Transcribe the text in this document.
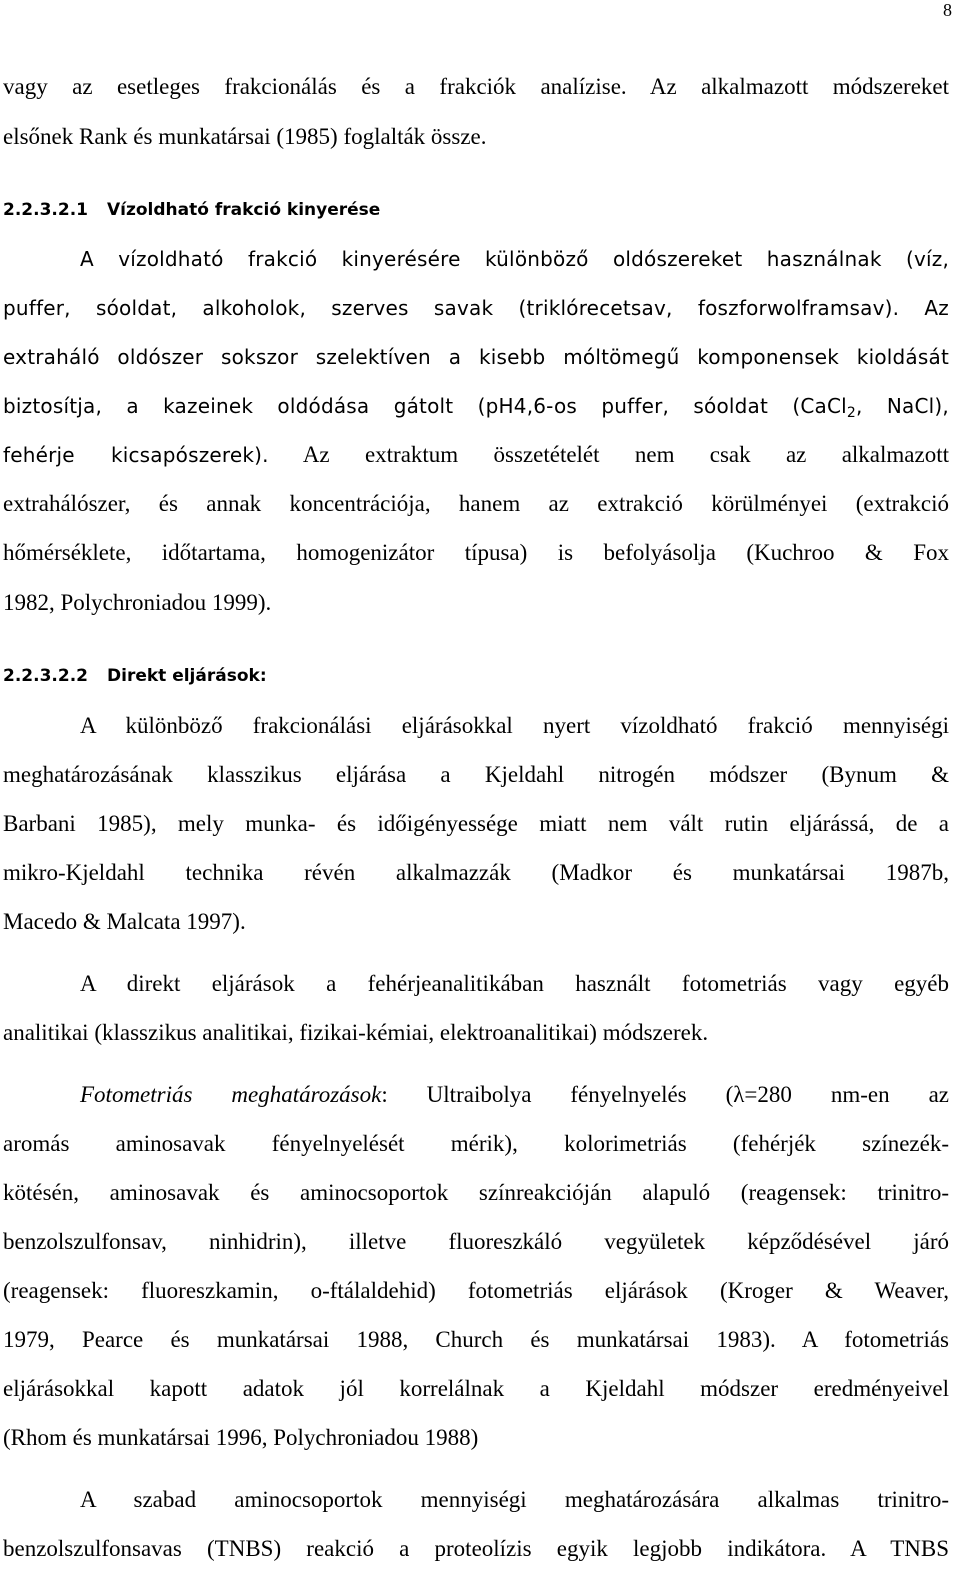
8
vagy az esetleges frakcionálás és a frakciók analízise. Az alkalmazott módszereket
elsőnek Rank és munkatársai (1985) foglalták össze.
2.2.3.2.1 Vízoldható frakció kinyerése
A vízoldható frakció kinyerésére különböző oldószereket használnak (víz,
puffer, sóoldat, alkoholok, szerves savak (triklórecetsav, foszforwolframsav). Az
extraháló oldószer sokszor szelektíven a kisebb móltömegű komponensek kioldását
biztosítja, a kazeinek oldódása gátolt (pH4,6-os puffer, sóoldat (CaCl$_2$, NaCl),
fehérje kicsapószerek). Az extraktum összetételét nem csak az alkalmazott
extrahálószer, és annak koncentrációja, hanem az extrakció körülményei (extrakció
hőmérséklete, időtartama, homogenizátor típusa) is befolyásolja (Kuchroo & Fox
1982, Polychroniadou 1999).
2.2.3.2.2 Direkt eljárások:
A különböző frakcionálási eljárásokkal nyert vízoldható frakció mennyiségi
meghatározásának klasszikus eljárása a Kjeldahl nitrogén módszer (Bynum &
Barbani 1985), mely munka- és időigényessége miatt nem vált rutin eljárássá, de a
mikro-Kjeldahl technika révén alkalmazzák (Madkor és munkatársai 1987b,
Macedo & Malcata 1997).
A direkt eljárások a fehérjeanalitikában használt fotometriás vagy egyéb
analitikai (klasszikus analitikai, fizikai-kémiai, elektroanalitikai) módszerek.
Fotometriás meghatározások: Ultraibolya fényelnyelés (λ=280 nm-en az
aromás aminosavak fényelnyelését mérik), kolorimetriás (fehérjék színezék-
kötésén, aminosavak és aminocsoportok színreakcióján alapuló (reagensek: trinitro-
benzolszulfonsav, ninhidrin), illetve fluoreszkáló vegyületek képződésével járó
(reagensek: fluoreszkamin, o-ftálaldehid) fotometriás eljárások (Kroger & Weaver,
1979, Pearce és munkatársai 1988, Church és munkatársai 1983). A fotometriás
eljárásokkal kapott adatok jól korrelálnak a Kjeldahl módszer eredményeivel
(Rhom és munkatársai 1996, Polychroniadou 1988)
A szabad aminocsoportok mennyiségi meghatározására alkalmas trinitro-
benzolszulfonsavas (TNBS) reakció a proteolízis egyik legjobb indikátora. A TNBS
